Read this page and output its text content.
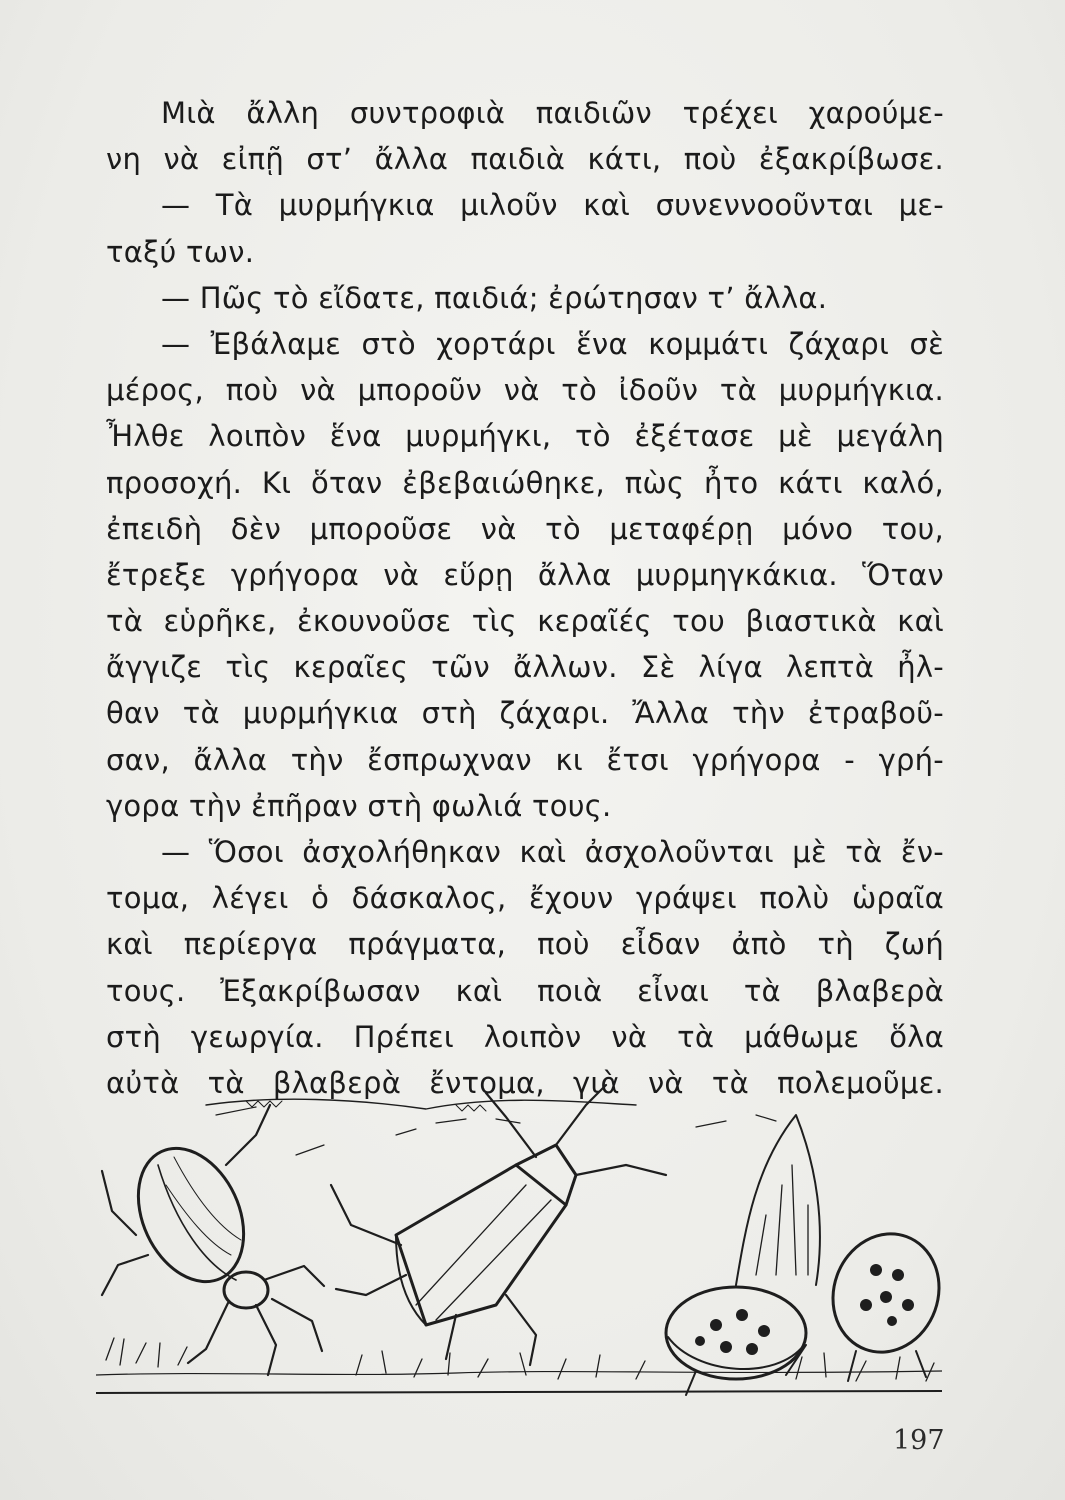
Μιὰ ἄλλη συντροφιὰ παιδιῶν τρέχει χαρούμε-
νη νὰ εἰπῇ στ’ ἄλλα παιδιὰ κάτι, ποὺ ἐξακρίβωσε.
— Τὰ μυρμήγκια μιλοῦν καὶ συνεννοοῦνται με-
ταξύ των.
— Πῶς τὸ εἴδατε, παιδιά; ἐρώτησαν τ’ ἄλλα.
— Ἐβάλαμε στὸ χορτάρι ἕνα κομμάτι ζάχαρι σὲ
μέρος, ποὺ νὰ μποροῦν νὰ τὸ ἰδοῦν τὰ μυρμήγκια.
Ἦλθε λοιπὸν ἕνα μυρμήγκι, τὸ ἐξέτασε μὲ μεγάλη
προσοχή. Κι ὅταν ἐβεβαιώθηκε, πὼς ἦτο κάτι καλό,
ἐπειδὴ δὲν μποροῦσε νὰ τὸ μεταφέρῃ μόνο του,
ἔτρεξε γρήγορα νὰ εὕρῃ ἄλλα μυρμηγκάκια. Ὅταν
τὰ εὑρῆκε, ἐκουνοῦσε τὶς κεραῖές του βιαστικὰ καὶ
ἄγγιζε τὶς κεραῖες τῶν ἄλλων. Σὲ λίγα λεπτὰ ἦλ-
θαν τὰ μυρμήγκια στὴ ζάχαρι. Ἄλλα τὴν ἐτραβοῦ-
σαν, ἄλλα τὴν ἔσπρωχναν κι ἔτσι γρήγορα - γρή-
γορα τὴν ἐπῆραν στὴ φωλιά τους.
— Ὅσοι ἀσχολήθηκαν καὶ ἀσχολοῦνται μὲ τὰ ἔν-
τομα, λέγει ὁ δάσκαλος, ἔχουν γράψει πολὺ ὡραῖα
καὶ περίεργα πράγματα, ποὺ εἶδαν ἀπὸ τὴ ζωή
τους. Ἐξακρίβωσαν καὶ ποιὰ εἶναι τὰ βλαβερὰ
στὴ γεωργία. Πρέπει λοιπὸν νὰ τὰ μάθωμε ὅλα
αὐτὰ τὰ βλαβερὰ ἔντομα, γιὰ νὰ τὰ πολεμοῦμε.
197
